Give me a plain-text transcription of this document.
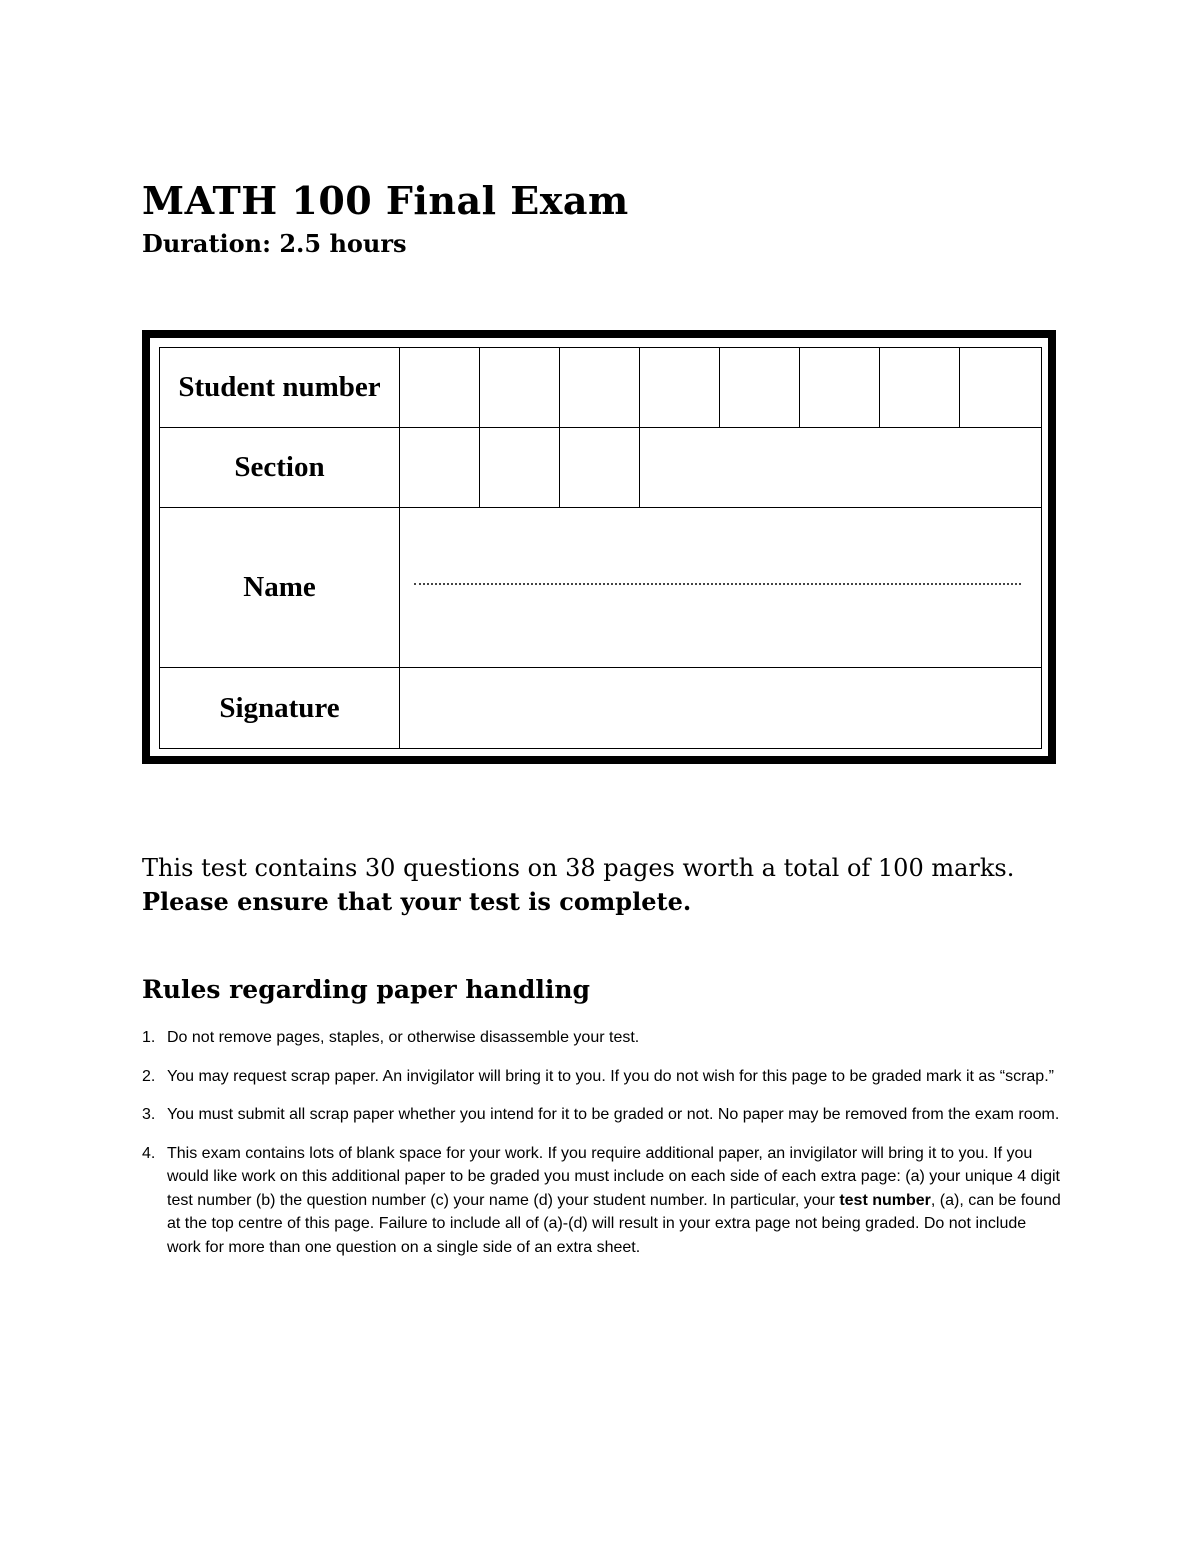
MATH 100 Final Exam

Duration: 2.5 hours

Student number								
Section								
Name								

Signature								
This test contains 30 questions on 38 pages worth a total of 100 marks.
Please ensure that your test is complete.
Rules regarding paper handling
1. Do not remove pages, staples, or otherwise disassemble your test.
2. You may request scrap paper. An invigilator will bring it to you. If you do not wish for this page to be graded mark it as “scrap.”
3. You must submit all scrap paper whether you intend for it to be graded or not. No paper may be removed from the exam room.
4. This exam contains lots of blank space for your work. If you require additional paper, an invigilator will bring it to you. If you would like work on this additional paper to be graded you must include on each side of each extra page: (a) your unique 4 digit test number (b) the question number (c) your name (d) your student number. In particular, your test number, (a), can be found at the top centre of this page. Failure to include all of (a)-(d) will result in your extra page not being graded. Do not include work for more than one question on a single side of an extra sheet.
